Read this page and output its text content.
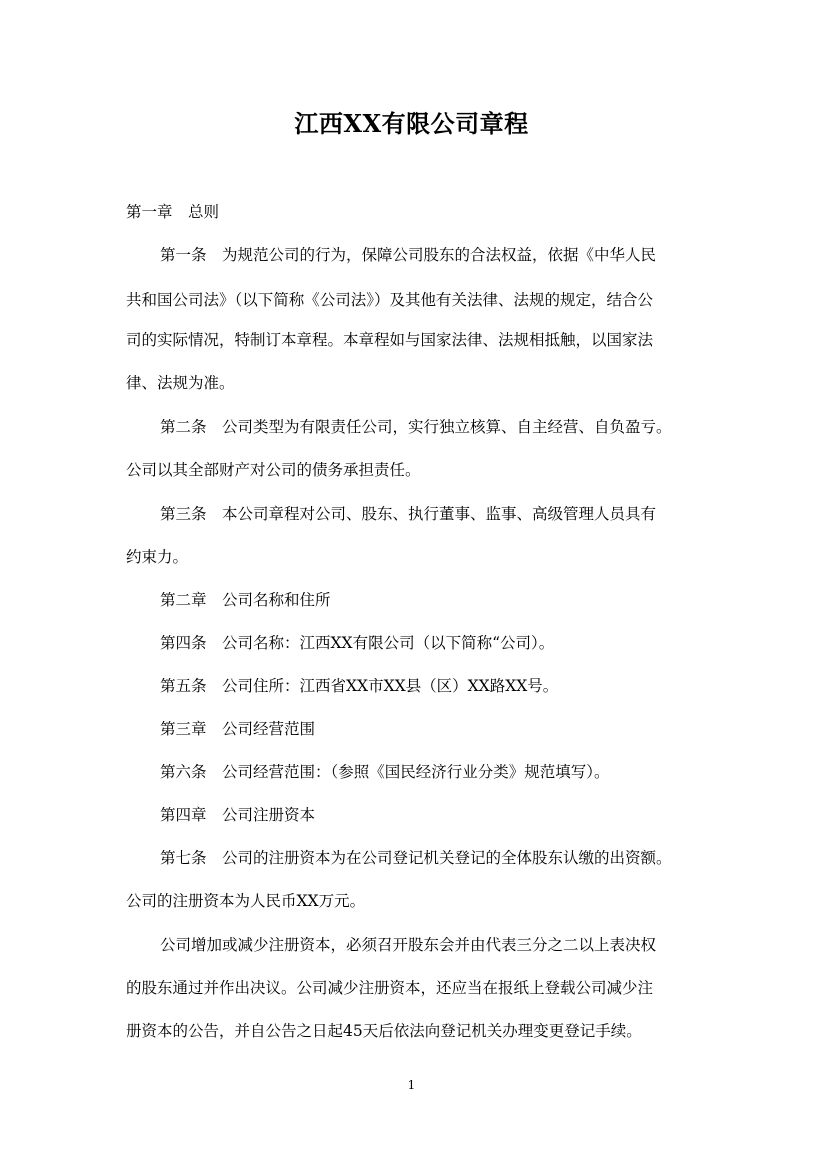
江西XX有限公司章程
第一章　总则
第一条　为规范公司的行为，保障公司股东的合法权益，依据《中华人民
共和国公司法》（以下简称《公司法》）及其他有关法律、法规的规定，结合公
司的实际情况，特制订本章程。本章程如与国家法律、法规相抵触，以国家法
律、法规为准。
第二条　公司类型为有限责任公司，实行独立核算、自主经营、自负盈亏。
公司以其全部财产对公司的债务承担责任。
第三条　本公司章程对公司、股东、执行董事、监事、高级管理人员具有
约束力。
第二章　公司名称和住所
第四条　公司名称：江西XX有限公司（以下简称“公司）。
第五条　公司住所：江西省XX市XX县（区）XX路XX号。
第三章　公司经营范围
第六条　公司经营范围：（参照《国民经济行业分类》规范填写）。
第四章　公司注册资本
第七条　公司的注册资本为在公司登记机关登记的全体股东认缴的出资额。
公司的注册资本为人民币XX万元。
公司增加或减少注册资本，必须召开股东会并由代表三分之二以上表决权
的股东通过并作出决议。公司减少注册资本，还应当在报纸上登载公司减少注
册资本的公告，并自公告之日起45天后依法向登记机关办理变更登记手续。
1
